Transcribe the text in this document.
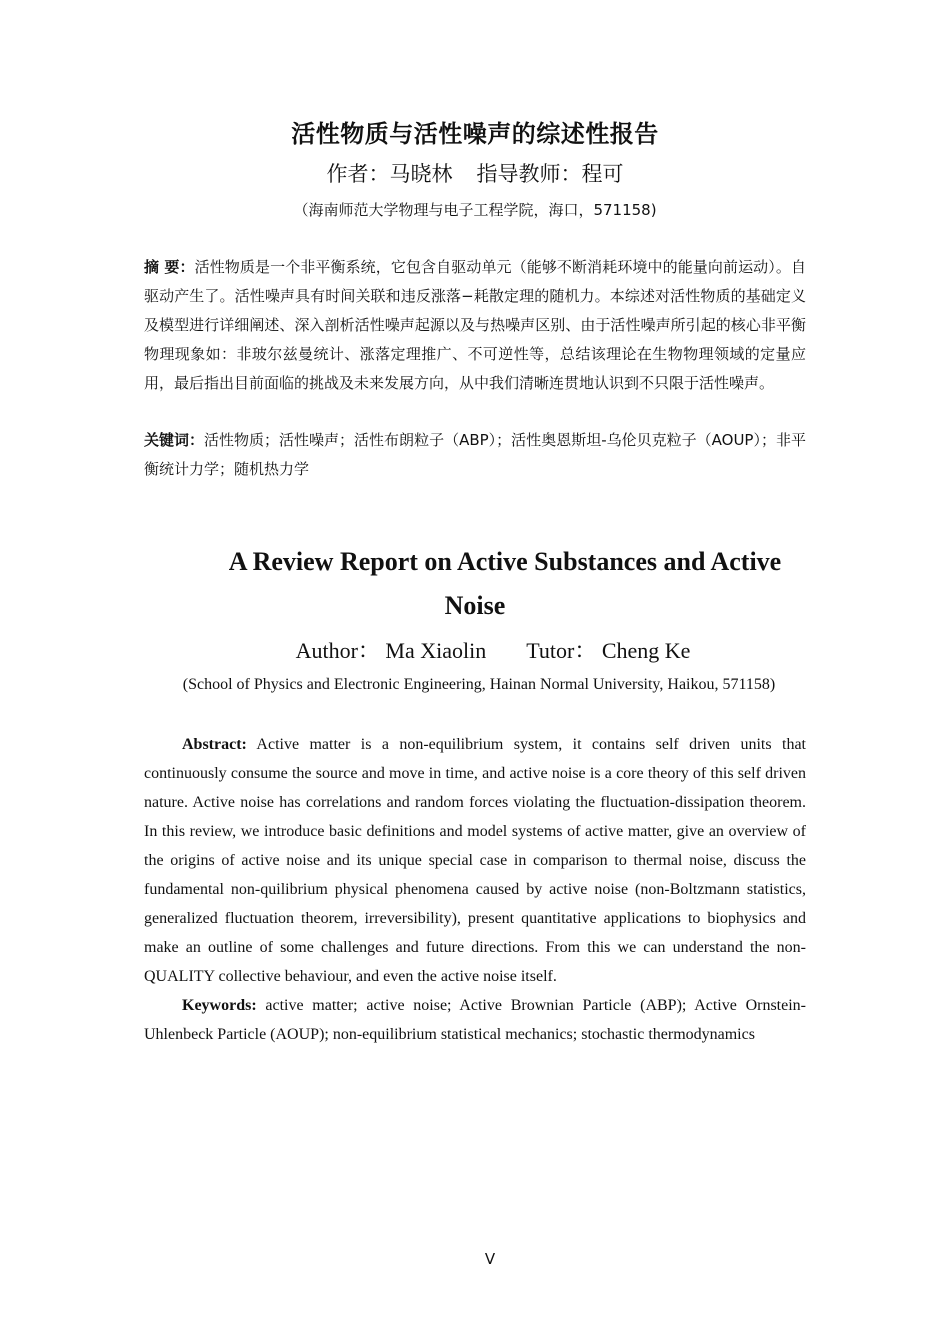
活性物质与活性噪声的综述性报告
作者：马晓林 指导教师：程可
（海南师范大学物理与电子工程学院，海口，571158)
摘 要：活性物质是一个非平衡系统，它包含自驱动单元（能够不断消耗环境中的能量向前运动）。自驱动产生了。活性噪声具有时间关联和违反涨落−耗散定理的随机力。本综述对活性物质的基础定义及模型进行详细阐述、深入剖析活性噪声起源以及与热噪声区别、由于活性噪声所引起的核心非平衡物理现象如：非玻尔兹曼统计、涨落定理推广、不可逆性等，总结该理论在生物物理领域的定量应用，最后指出目前面临的挑战及未来发展方向，从中我们清晰连贯地认识到不只限于活性噪声。
关键词：活性物质；活性噪声；活性布朗粒子（ABP）；活性奥恩斯坦-乌伦贝克粒子（AOUP）；非平衡统计力学；随机热力学
A Review Report on Active Substances and Active
Noise
Author： Ma Xiaolin Tutor： Cheng Ke
(School of Physics and Electronic Engineering, Hainan Normal University, Haikou, 571158)
Abstract: Active matter is a non-equilibrium system, it contains self driven units that continuously consume the source and move in time, and active noise is a core theory of this self driven nature. Active noise has correlations and random forces violating the fluctuation-dissipation theorem. In this review, we introduce basic definitions and model systems of active matter, give an overview of the origins of active noise and its unique special case in comparison to thermal noise, discuss the fundamental non-quilibrium physical phenomena caused by active noise (non-Boltzmann statistics, generalized fluctuation theorem, irreversibility), present quantitative applications to biophysics and make an outline of some challenges and future directions. From this we can understand the non-QUALITY collective behaviour, and even the active noise itself.
Keywords: active matter; active noise; Active Brownian Particle (ABP); Active Ornstein-Uhlenbeck Particle (AOUP); non-equilibrium statistical mechanics; stochastic thermodynamics
V
